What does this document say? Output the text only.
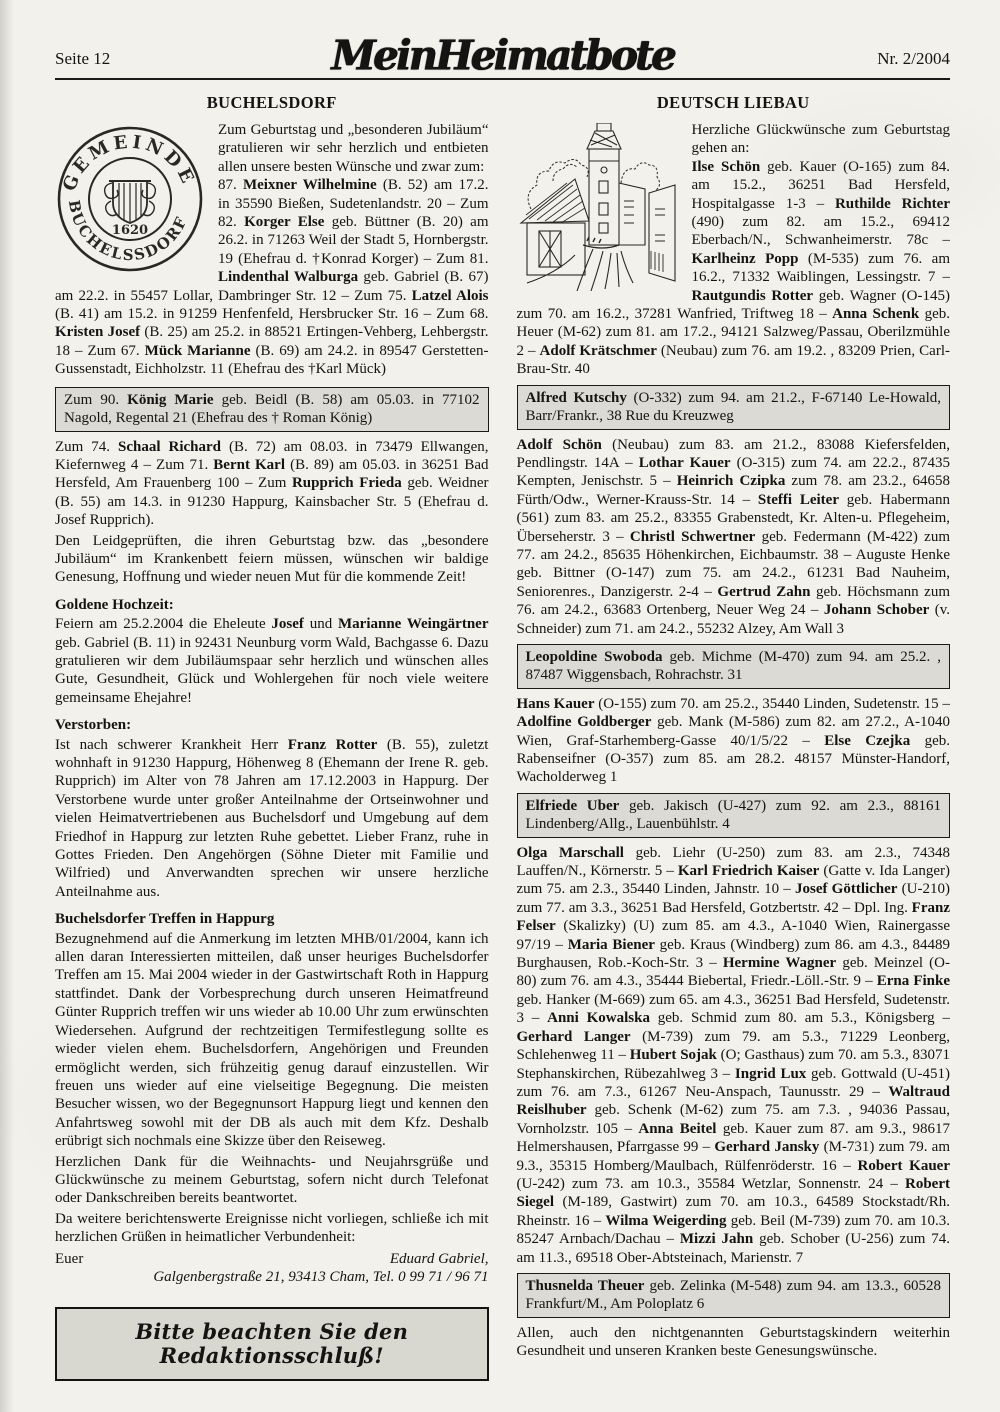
Seite 12	MeinHeimatbote	Nr. 2/2004
BUCHELSDORF

GEMEINDE
BUCHELSSDORF
1620
Zum Geburtstag und „besonderen Jubiläum“ gratulieren wir sehr herzlich und entbieten allen unsere besten Wünsche und zwar zum:
87. Meixner Wilhelmine (B. 52) am 17.2. in 35590 Bießen, Sudetenlandstr. 20 – Zum 82. Korger Else geb. Büttner (B. 20) am 26.2. in 71263 Weil der Stadt 5, Hornbergstr. 19 (Ehefrau d. †Konrad Korger) – Zum 81. Lindenthal Walburga geb. Gabriel (B. 67) am 22.2. in 55457 Lollar, Dambringer Str. 12 – Zum 75. Latzel Alois (B. 41) am 15.2. in 91259 Henfenfeld, Hersbrucker Str. 16 – Zum 68. Kristen Josef (B. 25) am 25.2. in 88521 Ertingen-Vehberg, Lehbergstr. 18 – Zum 67. Mück Marianne (B. 69) am 24.2. in 89547 Gerstetten-Gussenstadt, Eichholzstr. 11 (Ehefrau des †Karl Mück)

Zum 90. König Marie geb. Beidl (B. 58) am 05.03. in 77102 Nagold, Regental 21 (Ehefrau des † Roman König)

Zum 74. Schaal Richard (B. 72) am 08.03. in 73479 Ellwangen, Kiefernweg 4 – Zum 71. Bernt Karl (B. 89) am 05.03. in 36251 Bad Hersfeld, Am Frauenberg 100 – Zum Rupprich Frieda geb. Weidner (B. 55) am 14.3. in 91230 Happurg, Kainsbacher Str. 5 (Ehefrau d. Josef Rupprich).

Den Leidgeprüften, die ihren Geburtstag bzw. das „besondere Jubiläum“ im Krankenbett feiern müssen, wünschen wir baldige Genesung, Hoffnung und wieder neuen Mut für die kommende Zeit!

Goldene Hochzeit:

Feiern am 25.2.2004 die Eheleute Josef und Marianne Weingärtner geb. Gabriel (B. 11) in 92431 Neunburg vorm Wald, Bachgasse 6. Dazu gratulieren wir dem Jubiläumspaar sehr herzlich und wünschen alles Gute, Gesundheit, Glück und Wohlergehen für noch viele weitere gemeinsame Ehejahre!

Verstorben:

Ist nach schwerer Krankheit Herr Franz Rotter (B. 55), zuletzt wohnhaft in 91230 Happurg, Höhenweg 8 (Ehemann der Irene R. geb. Rupprich) im Alter von 78 Jahren am 17.12.2003 in Happurg. Der Verstorbene wurde unter großer Anteilnahme der Ortseinwohner und vielen Heimatvertriebenen aus Buchelsdorf und Umgebung auf dem Friedhof in Happurg zur letzten Ruhe gebettet. Lieber Franz, ruhe in Gottes Frieden. Den Angehörgen (Söhne Dieter mit Familie und Wilfried) und Anverwandten sprechen wir unsere herzliche Anteilnahme aus.

Buchelsdorfer Treffen in Happurg

Bezugnehmend auf die Anmerkung im letzten MHB/01/2004, kann ich allen daran Interessierten mitteilen, daß unser heuriges Buchelsdorfer Treffen am 15. Mai 2004 wieder in der Gastwirtschaft Roth in Happurg stattfindet. Dank der Vorbesprechung durch unseren Heimatfreund Günter Rupprich treffen wir uns wieder ab 10.00 Uhr zum erwünschten Wiedersehen. Aufgrund der rechtzeitigen Termifestlegung sollte es wieder vielen ehem. Buchelsdorfern, Angehörigen und Freunden ermöglicht werden, sich frühzeitig genug darauf einzustellen. Wir freuen uns wieder auf eine vielseitige Begegnung. Die meisten Besucher wissen, wo der Begegnunsort Happurg liegt und kennen den Anfahrtsweg sowohl mit der DB als auch mit dem Kfz. Deshalb erübrigt sich nochmals eine Skizze über den Reiseweg.

Herzlichen Dank für die Weihnachts- und Neujahrsgrüße und Glückwünsche zu meinem Geburtstag, sofern nicht durch Telefonat oder Dankschreiben bereits beantwortet.

Da weitere berichtenswerte Ereignisse nicht vorliegen, schließe ich mit herzlichen Grüßen in heimatlicher Verbundenheit:

Euer	Eduard Gabriel,

Galgenbergstraße 21, 93413 Cham, Tel. 0 99 71 / 96 71

Bitte beachten Sie den Redaktionsschluß!
DEUTSCH LIEBAU

Herzliche Glückwünsche zum Geburtstag gehen an:
Ilse Schön geb. Kauer (O-165) zum 84. am 15.2., 36251 Bad Hersfeld, Hospitalgasse 1-3 – Ruthilde Richter (490) zum 82. am 15.2., 69412 Eberbach/N., Schwanheimerstr. 78c – Karlheinz Popp (M-535) zum 76. am 16.2., 71332 Waiblingen, Lessingstr. 7 – Rautgundis Rotter geb. Wagner (O-145) zum 70. am 16.2., 37281 Wanfried, Triftweg 18 – Anna Schenk geb. Heuer (M-62) zum 81. am 17.2., 94121 Salzweg/Passau, Oberilzmühle 2 – Adolf Krätschmer (Neubau) zum 76. am 19.2. , 83209 Prien, Carl-Brau-Str. 40

Alfred Kutschy (O-332) zum 94. am 21.2., F-67140 Le-Howald, Barr/Frankr., 38 Rue du Kreuzweg

Adolf Schön (Neubau) zum 83. am 21.2., 83088 Kiefersfelden, Pendlingstr. 14A – Lothar Kauer (O-315) zum 74. am 22.2., 87435 Kempten, Jenischstr. 5 – Heinrich Czipka zum 78. am 23.2., 64658 Fürth/Odw., Werner-Krauss-Str. 14 – Steffi Leiter geb. Habermann (561) zum 83. am 25.2., 83355 Grabenstedt, Kr. Alten-u. Pflegeheim, Überseherstr. 3 – Christl Schwertner geb. Federmann (M-422) zum 77. am 24.2., 85635 Höhenkirchen, Eichbaumstr. 38 – Auguste Henke geb. Bittner (O-147) zum 75. am 24.2., 61231 Bad Nauheim, Seniorenres., Danzigerstr. 2-4 – Gertrud Zahn geb. Höchsmann zum 76. am 24.2., 63683 Ortenberg, Neuer Weg 24 – Johann Schober (v. Schneider) zum 71. am 24.2., 55232 Alzey, Am Wall 3

Leopoldine Swoboda geb. Michme (M-470) zum 94. am 25.2. , 87487 Wiggensbach, Rohrachstr. 31

Hans Kauer (O-155) zum 70. am 25.2., 35440 Linden, Sudetenstr. 15 – Adolfine Goldberger geb. Mank (M-586) zum 82. am 27.2., A-1040 Wien, Graf-Starhemberg-Gasse 40/1/5/22 – Else Czejka geb. Rabenseifner (O-357) zum 85. am 28.2. 48157 Münster-Handorf, Wacholderweg 1

Elfriede Uber geb. Jakisch (U-427) zum 92. am 2.3., 88161 Lindenberg/Allg., Lauenbühlstr. 4

Olga Marschall geb. Liehr (U-250) zum 83. am 2.3., 74348 Lauffen/N., Körnerstr. 5 – Karl Friedrich Kaiser (Gatte v. Ida Langer) zum 75. am 2.3., 35440 Linden, Jahnstr. 10 – Josef Göttlicher (U-210) zum 77. am 3.3., 36251 Bad Hersfeld, Gotzbertstr. 42 – Dpl. Ing. Franz Felser (Skalizky) (U) zum 85. am 4.3., A-1040 Wien, Rainergasse 97/19 – Maria Biener geb. Kraus (Windberg) zum 86. am 4.3., 84489 Burghausen, Rob.-Koch-Str. 3 – Hermine Wagner geb. Meinzel (O-80) zum 76. am 4.3., 35444 Biebertal, Friedr.-Löll.-Str. 9 – Erna Finke geb. Hanker (M-669) zum 65. am 4.3., 36251 Bad Hersfeld, Sudetenstr. 3 – Anni Kowalska geb. Schmid zum 80. am 5.3., Königsberg – Gerhard Langer (M-739) zum 79. am 5.3., 71229 Leonberg, Schlehenweg 11 – Hubert Sojak (O; Gasthaus) zum 70. am 5.3., 83071 Stephanskirchen, Rübezahlweg 3 – Ingrid Lux geb. Gottwald (U-451) zum 76. am 7.3., 61267 Neu-Anspach, Taunusstr. 29 – Waltraud Reislhuber geb. Schenk (M-62) zum 75. am 7.3. , 94036 Passau, Vornholzstr. 105 – Anna Beitel geb. Kauer zum 87. am 9.3., 98617 Helmershausen, Pfarrgasse 99 – Gerhard Jansky (M-731) zum 79. am 9.3., 35315 Homberg/Maulbach, Rülfenröderstr. 16 – Robert Kauer (U-242) zum 73. am 10.3., 35584 Wetzlar, Sonnenstr. 24 – Robert Siegel (M-189, Gastwirt) zum 70. am 10.3., 64589 Stockstadt/Rh. Rheinstr. 16 – Wilma Weigerding geb. Beil (M-739) zum 70. am 10.3. 85247 Arnbach/Dachau – Mizzi Jahn geb. Schober (U-256) zum 74. am 11.3., 69518 Ober-Abtsteinach, Marienstr. 7

Thusnelda Theuer geb. Zelinka (M-548) zum 94. am 13.3., 60528 Frankfurt/M., Am Poloplatz 6

Allen, auch den nichtgenannten Geburtstagskindern weiterhin Gesundheit und unseren Kranken beste Genesungswünsche.
